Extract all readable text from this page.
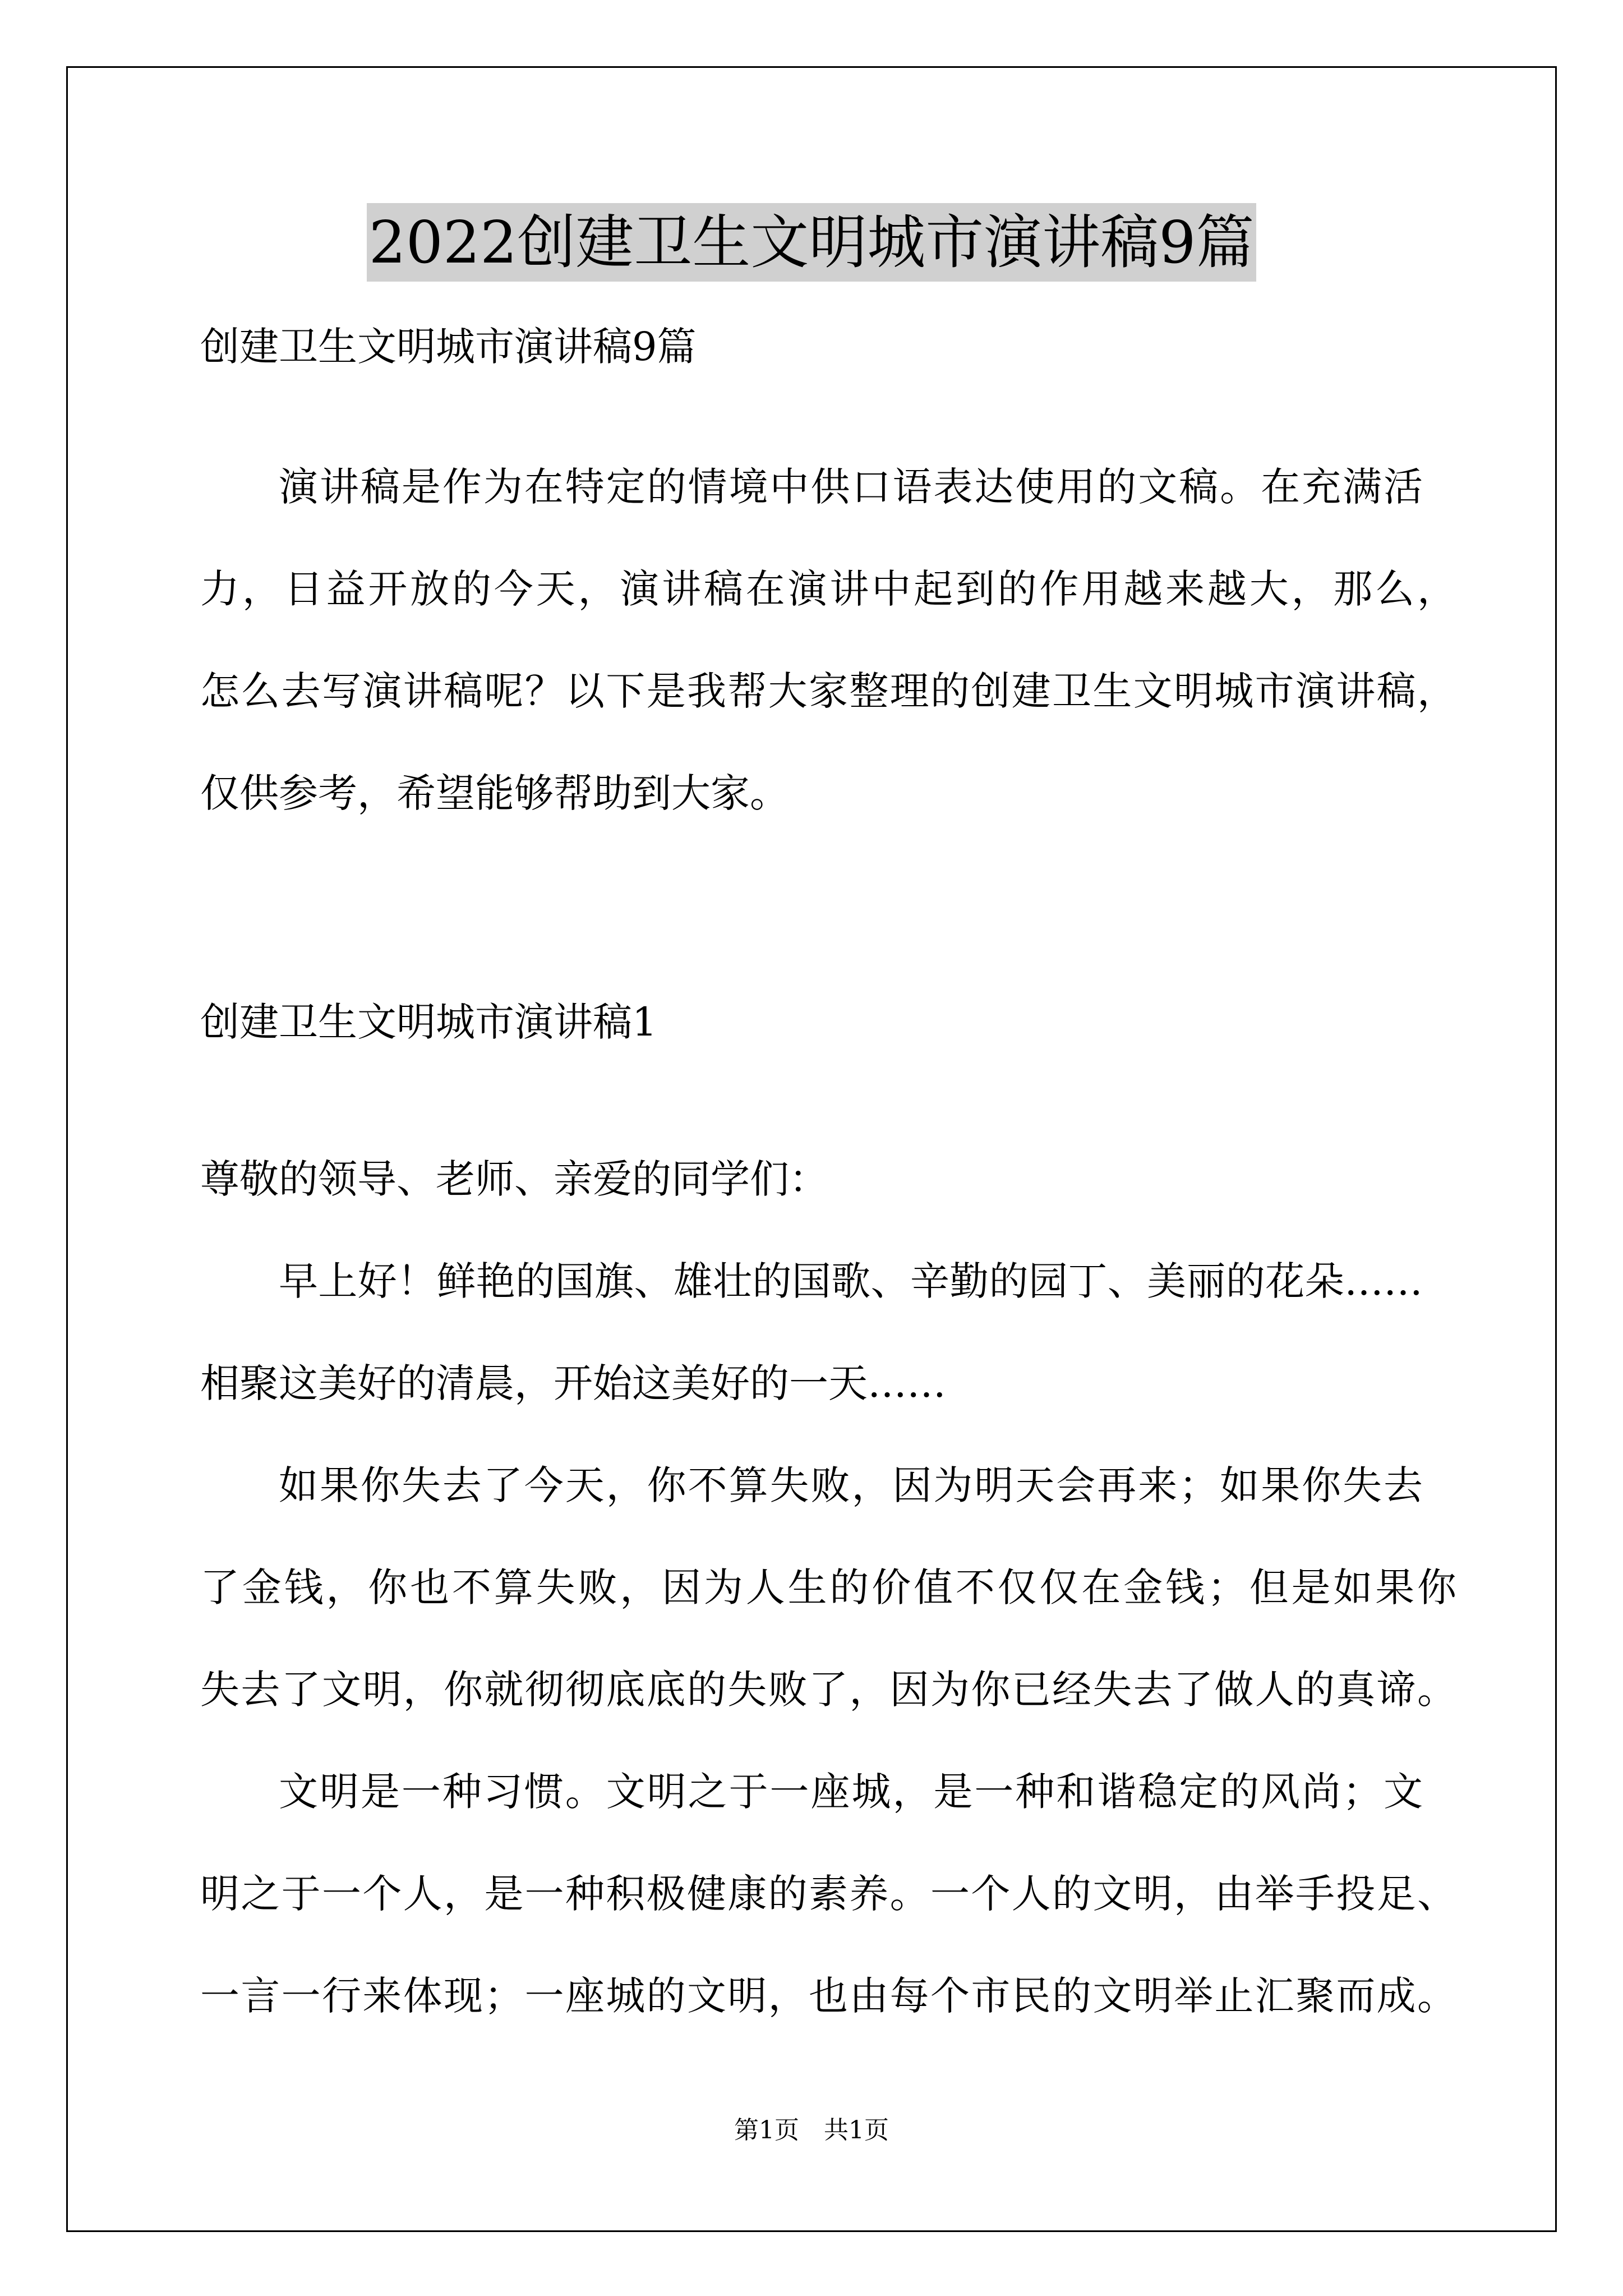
2022创建卫生文明城市演讲稿9篇
创建卫生文明城市演讲稿9篇
演讲稿是作为在特定的情境中供口语表达使用的文稿。在充满活
力，日益开放的今天，演讲稿在演讲中起到的作用越来越大，那么，
怎么去写演讲稿呢？以下是我帮大家整理的创建卫生文明城市演讲稿，
仅供参考，希望能够帮助到大家。
创建卫生文明城市演讲稿1
尊敬的领导、老师、亲爱的同学们：
早上好！鲜艳的国旗、雄壮的国歌、辛勤的园丁、美丽的花朵……
相聚这美好的清晨，开始这美好的一天……
如果你失去了今天，你不算失败，因为明天会再来；如果你失去
了金钱，你也不算失败，因为人生的价值不仅仅在金钱；但是如果你
失去了文明，你就彻彻底底的失败了，因为你已经失去了做人的真谛。
文明是一种习惯。文明之于一座城，是一种和谐稳定的风尚；文
明之于一个人，是一种积极健康的素养。一个人的文明，由举手投足、
一言一行来体现；一座城的文明，也由每个市民的文明举止汇聚而成。
第1页　共1页
